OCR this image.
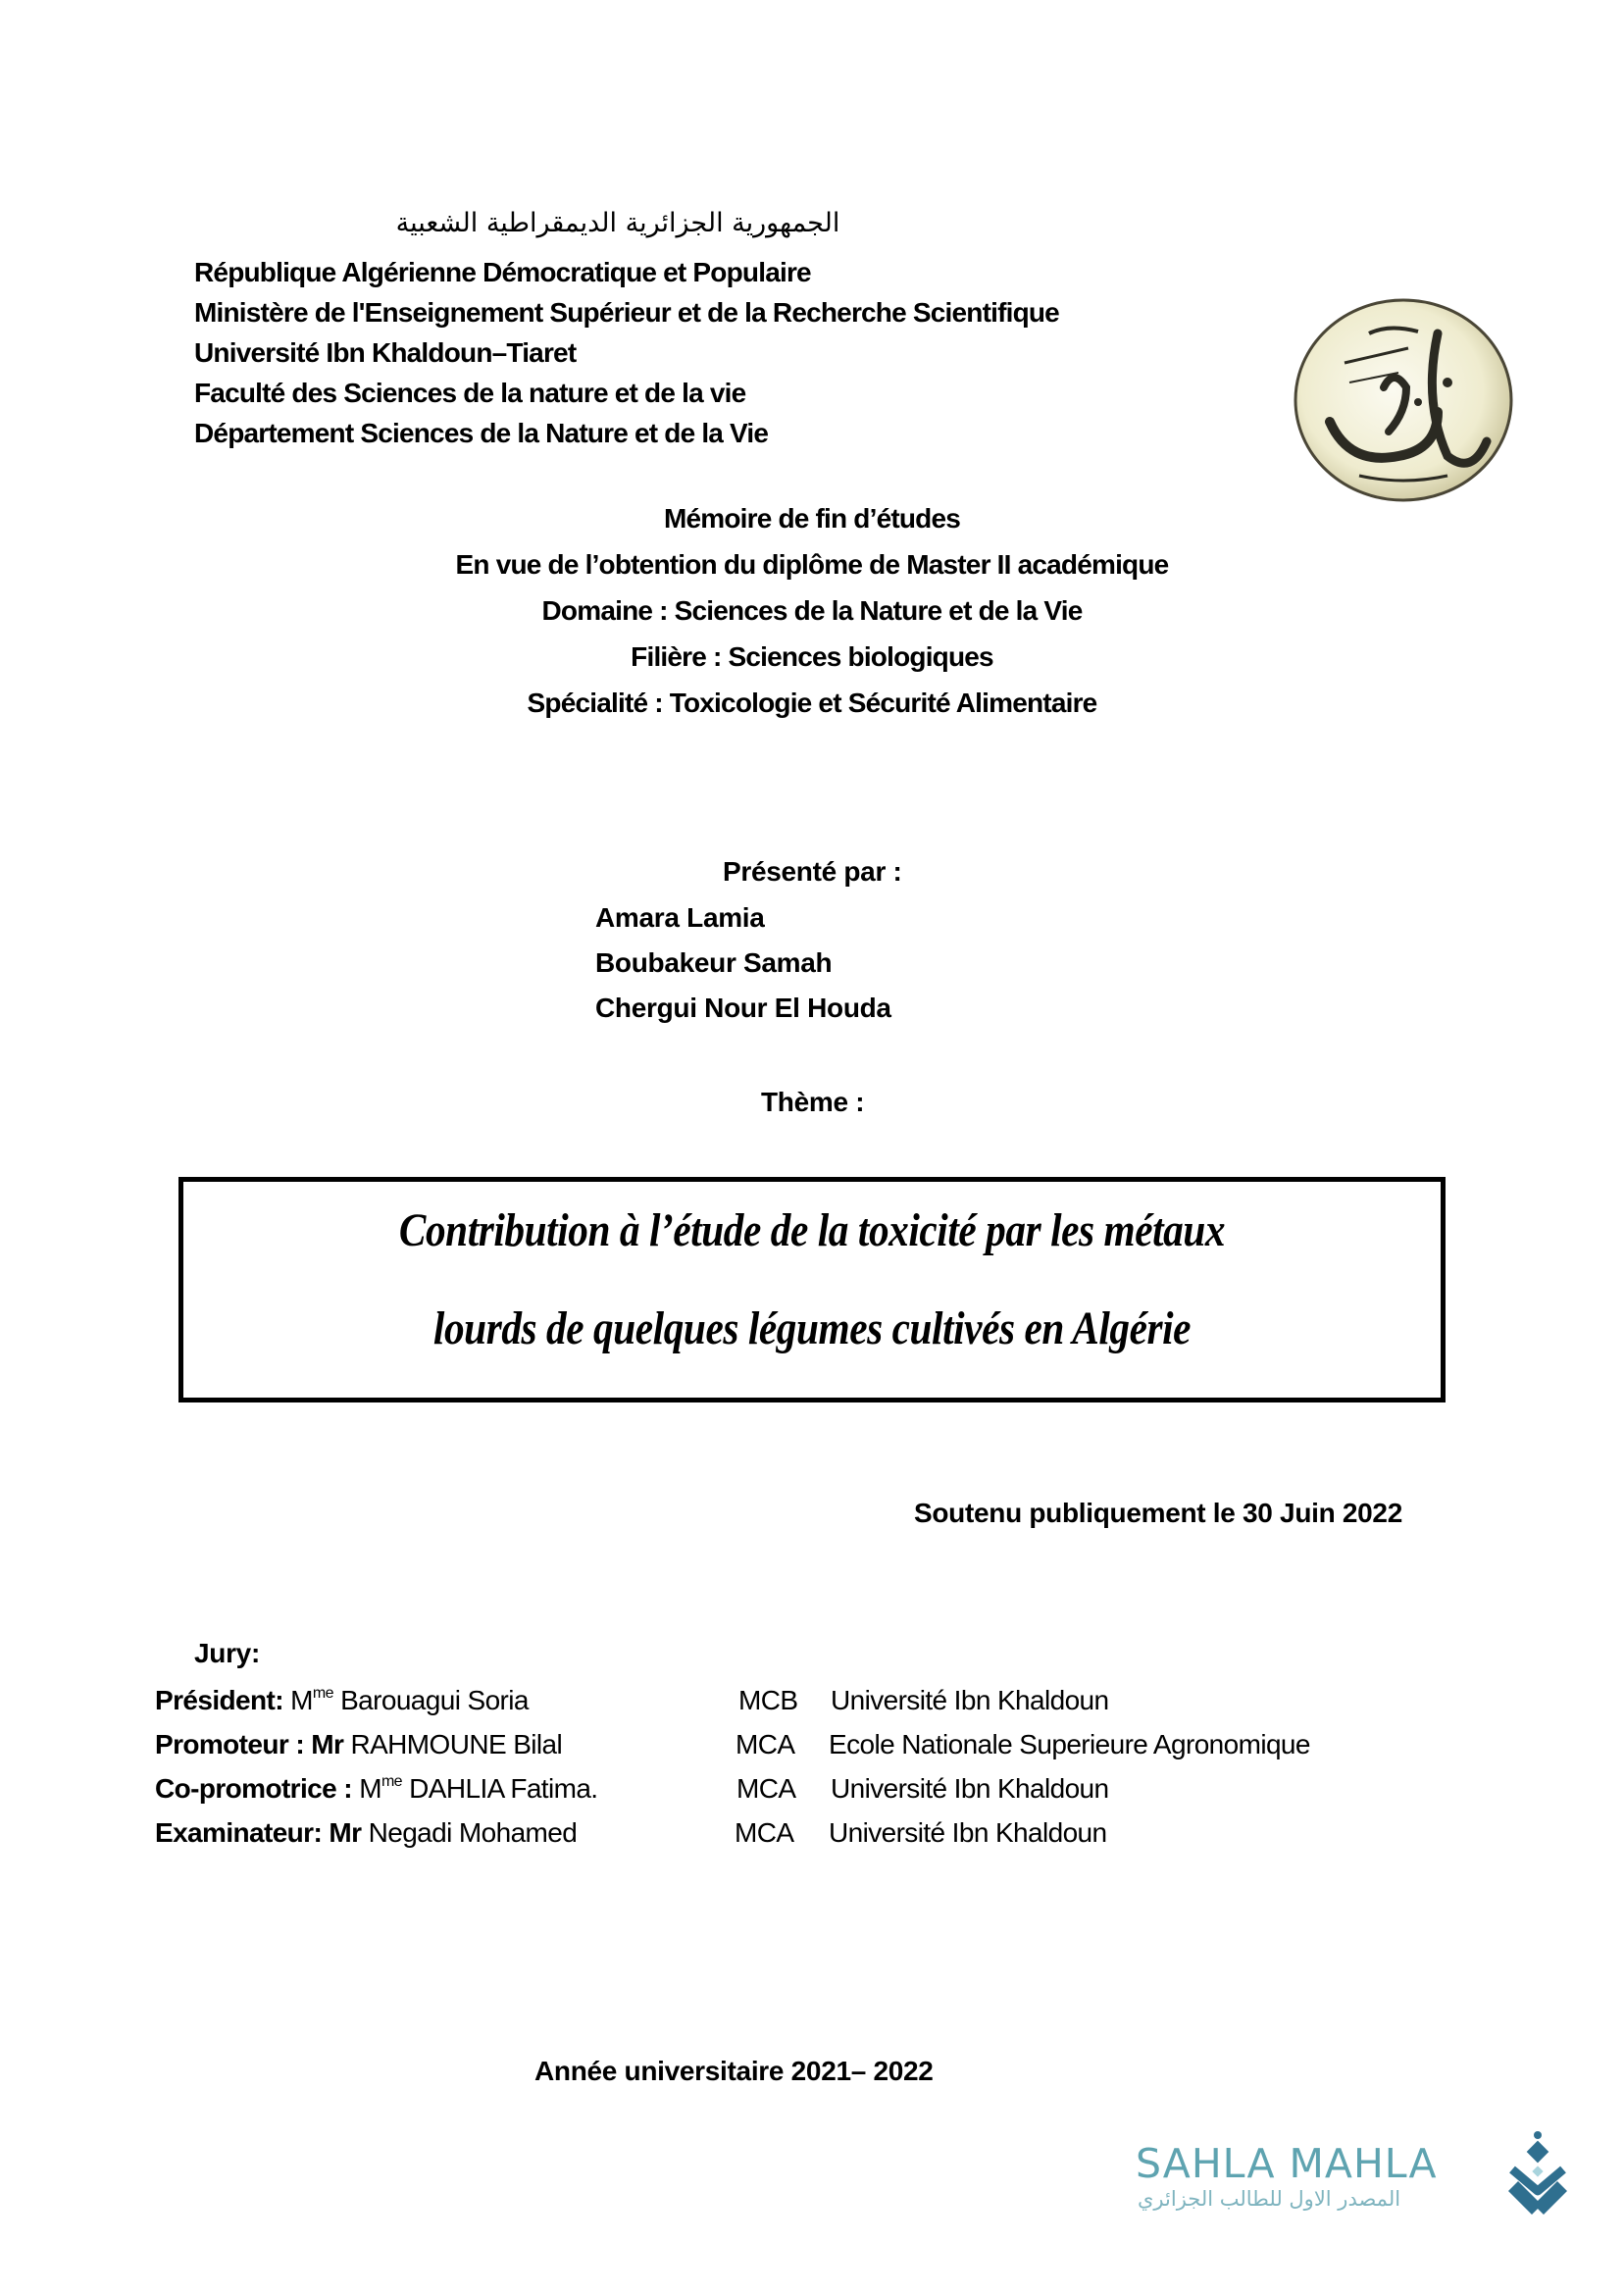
الجمهورية الجزائرية الديمقراطية الشعبية
République Algérienne Démocratique et Populaire
Ministère de l'Enseignement Supérieur et de la Recherche Scientifique
Université Ibn Khaldoun–Tiaret
Faculté des Sciences de la nature et de la vie
Département Sciences de la Nature et de la Vie
Mémoire de fin d’études
En vue de l’obtention du diplôme de Master II académique
Domaine : Sciences de la Nature et de la Vie
Filière : Sciences biologiques
Spécialité : Toxicologie et Sécurité Alimentaire
Présenté par :
Amara Lamia
Boubakeur Samah
Chergui Nour El Houda
Thème :
Contribution à l’étude de la toxicité par les métaux
lourds de quelques légumes cultivés en Algérie
Soutenu publiquement le 30 Juin 2022
Jury:
Président: $M^{me}$ Barouagui Soria	MCB Université Ibn Khaldoun
Promoteur : Mr RAHMOUNE Bilal	MCA Ecole Nationale Superieure Agronomique
Co-promotrice : $M^{me}$ DAHLIA Fatima.	MCA Université Ibn Khaldoun
Examinateur: Mr Negadi Mohamed	MCA Université Ibn Khaldoun
Année universitaire 2021– 2022
SAHLA MAHLA
المصدر الاول للطالب الجزائري
